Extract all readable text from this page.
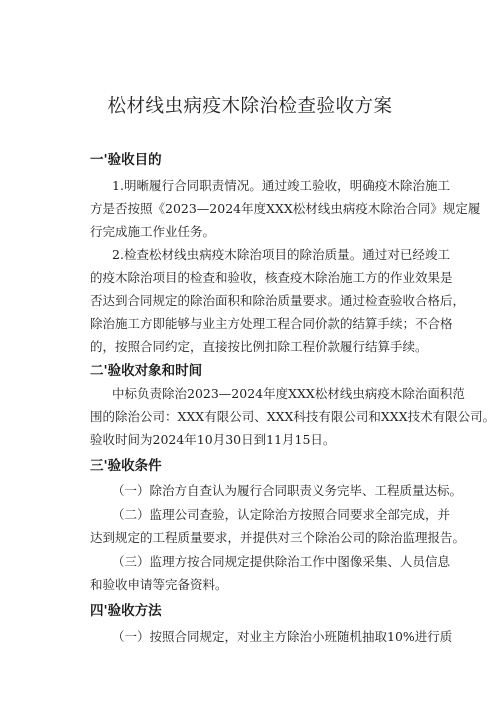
松材线虫病疫木除治检查验收方案
一'验收目的
1.明晰履行合同职责情况。通过竣工验收，明确疫木除治施工
方是否按照《2023—2024年度XXX松材线虫病疫木除治合同》规定履
行完成施工作业任务。
2.检查松材线虫病疫木除治项目的除治质量。通过对已经竣工
的疫木除治项目的检查和验收，核查疫木除治施工方的作业效果是
否达到合同规定的除治面积和除治质量要求。通过检查验收合格后，
除治施工方即能够与业主方处理工程合同价款的结算手续；不合格
的，按照合同约定，直接按比例扣除工程价款履行结算手续。
二'验收对象和时间
中标负责除治2023—2024年度XXX松材线虫病疫木除治面积范
围的除治公司：XXX有限公司、XXX科技有限公司和XXX技术有限公司。
验收时间为2024年10月30日到11月15日。
三'验收条件
（一）除治方自查认为履行合同职责义务完毕、工程质量达标。
（二）监理公司查验，认定除治方按照合同要求全部完成，并
达到规定的工程质量要求，并提供对三个除治公司的除治监理报告。
（三）监理方按合同规定提供除治工作中图像采集、人员信息
和验收申请等完备资料。
四'验收方法
（一）按照合同规定，对业主方除治小班随机抽取10%进行质
